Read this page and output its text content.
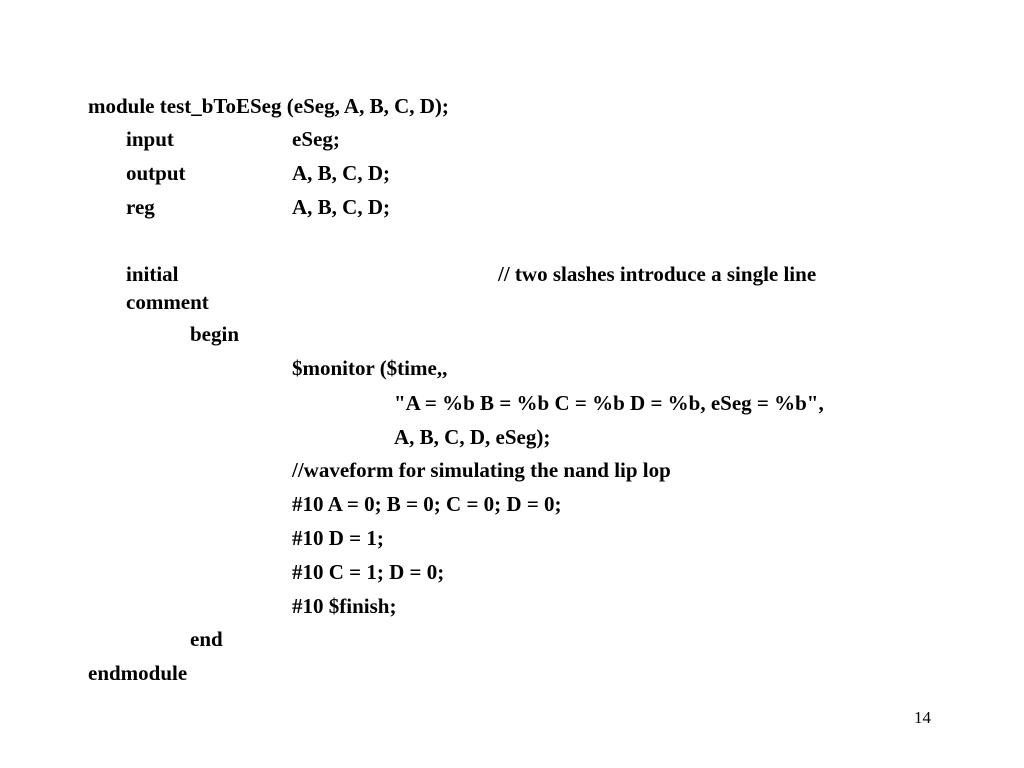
module test_bToESeg (eSeg, A, B, C, D);
input	eSeg;
output	A, B, C, D;
reg	A, B, C, D;
initial	// two slashes introduce a single line
comment
begin
$monitor ($time,,
"A = %b B = %b C = %b D = %b, eSeg = %b",
A, B, C, D, eSeg);
//waveform for simulating the nand lip lop
#10 A = 0; B = 0; C = 0; D = 0;
#10 D = 1;
#10 C = 1; D = 0;
#10 $finish;
end
endmodule
14
